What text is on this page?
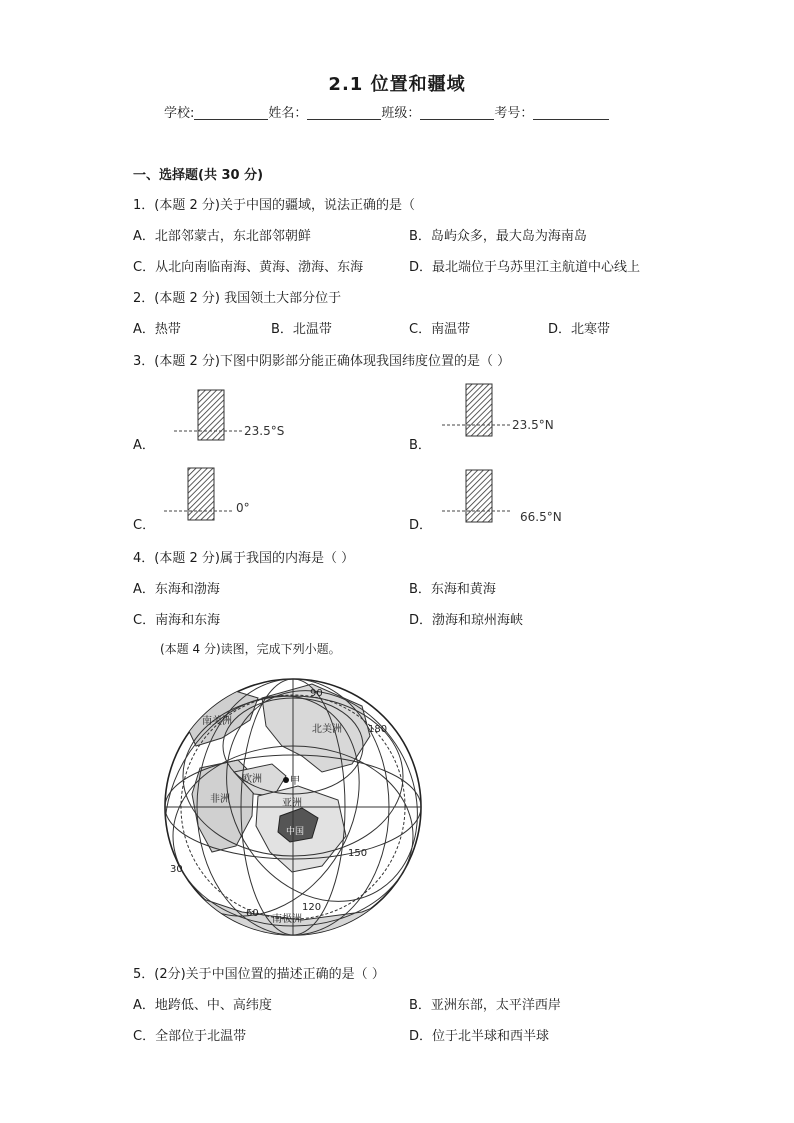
2.1 位置和疆域
学校:	姓名：	班级：	考号：
一、选择题(共 30 分)
1．(本题 2 分)关于中国的疆域，说法正确的是（
A．北部邻蒙古，东北部邻朝鲜	B．岛屿众多，最大岛为海南岛
C．从北向南临南海、黄海、渤海、东海	D．最北端位于乌苏里江主航道中心线上
2．(本题 2 分) 我国领土大部分位于
A．热带	B．北温带	C．南温带	D．北寒带
3．(本题 2 分)下图中阴影部分能正确体现我国纬度位置的是（ ）
23.5°S
A．
23.5°N
B．
0°
C．
66.5°N
D．
4．(本题 2 分)属于我国的内海是（ ）
A．东海和渤海	B．东海和黄海
C．南海和东海	D．渤海和琼州海峡
(本题 4 分)读图，完成下列小题。
90
南美洲
北美洲
非洲
欧洲	甲
亚洲
中国
南极洲
30
60
120
150
180
5．(2分)关于中国位置的描述正确的是（ ）
A．地跨低、中、高纬度	B．亚洲东部，太平洋西岸
C．全部位于北温带	D．位于北半球和西半球
